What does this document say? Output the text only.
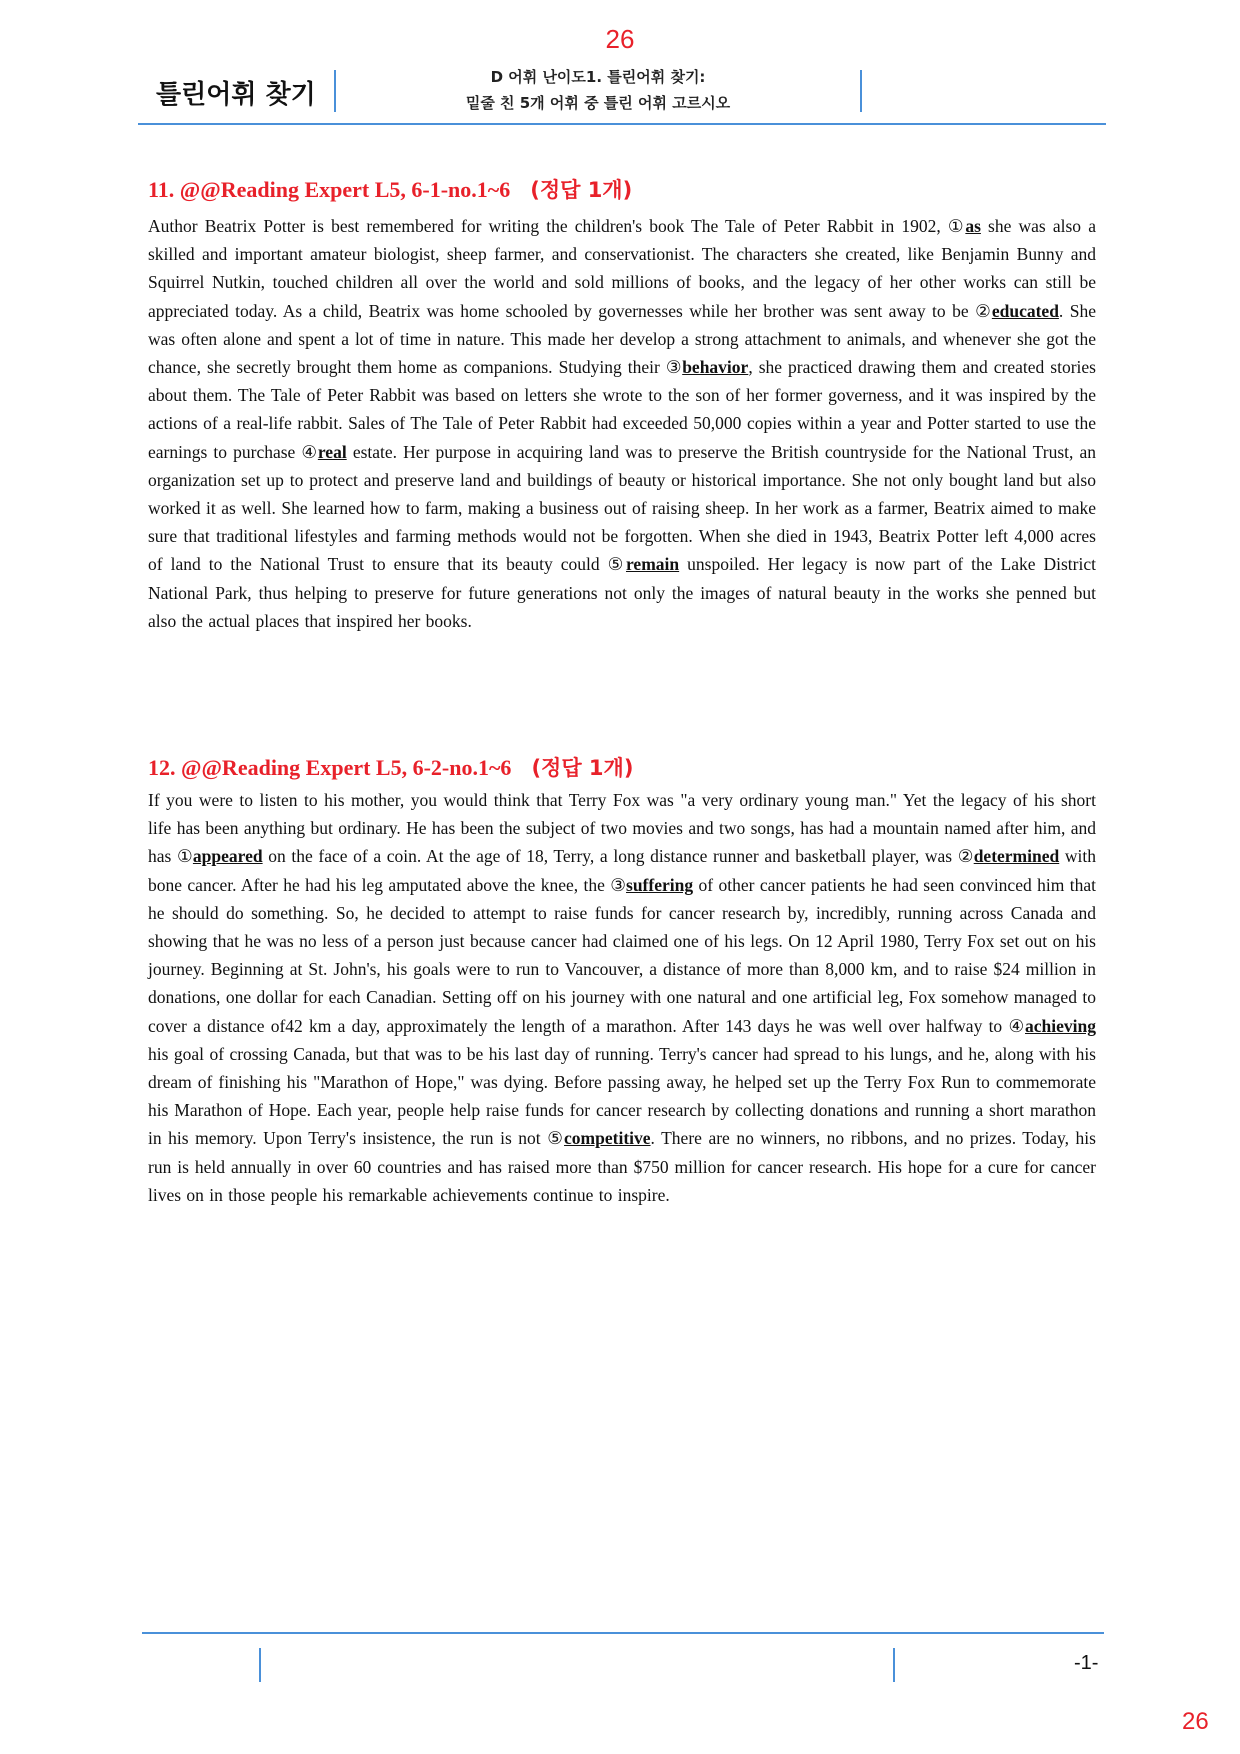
26
틀린어휘 찾기
D 어휘 난이도1. 틀린어휘 찾기:
밑줄 친 5개 어휘 중 틀린 어휘 고르시오
11. @@Reading Expert L5, 6-1-no.1~6 (정답 1개)
Author Beatrix Potter is best remembered for writing the children's book The Tale of Peter Rabbit in 1902, ①as she was also a skilled and important amateur biologist, sheep farmer, and conservationist. The characters she created, like Benjamin Bunny and Squirrel Nutkin, touched children all over the world and sold millions of books, and the legacy of her other works can still be appreciated today. As a child, Beatrix was home schooled by governesses while her brother was sent away to be ②educated. She was often alone and spent a lot of time in nature. This made her develop a strong attachment to animals, and whenever she got the chance, she secretly brought them home as companions. Studying their ③behavior, she practiced drawing them and created stories about them. The Tale of Peter Rabbit was based on letters she wrote to the son of her former governess, and it was inspired by the actions of a real-life rabbit. Sales of The Tale of Peter Rabbit had exceeded 50,000 copies within a year and Potter started to use the earnings to purchase ④real estate. Her purpose in acquiring land was to preserve the British countryside for the National Trust, an organization set up to protect and preserve land and buildings of beauty or historical importance. She not only bought land but also worked it as well. She learned how to farm, making a business out of raising sheep. In her work as a farmer, Beatrix aimed to make sure that traditional lifestyles and farming methods would not be forgotten. When she died in 1943, Beatrix Potter left 4,000 acres of land to the National Trust to ensure that its beauty could ⑤remain unspoiled. Her legacy is now part of the Lake District National Park, thus helping to preserve for future generations not only the images of natural beauty in the works she penned but also the actual places that inspired her books.
12. @@Reading Expert L5, 6-2-no.1~6 (정답 1개)
If you were to listen to his mother, you would think that Terry Fox was "a very ordinary young man." Yet the legacy of his short life has been anything but ordinary. He has been the subject of two movies and two songs, has had a mountain named after him, and has ①appeared on the face of a coin. At the age of 18, Terry, a long distance runner and basketball player, was ②determined with bone cancer. After he had his leg amputated above the knee, the ③suffering of other cancer patients he had seen convinced him that he should do something. So, he decided to attempt to raise funds for cancer research by, incredibly, running across Canada and showing that he was no less of a person just because cancer had claimed one of his legs. On 12 April 1980, Terry Fox set out on his journey. Beginning at St. John's, his goals were to run to Vancouver, a distance of more than 8,000 km, and to raise $24 million in donations, one dollar for each Canadian. Setting off on his journey with one natural and one artificial leg, Fox somehow managed to cover a distance of42 km a day, approximately the length of a marathon. After 143 days he was well over halfway to ④achieving his goal of crossing Canada, but that was to be his last day of running. Terry's cancer had spread to his lungs, and he, along with his dream of finishing his "Marathon of Hope," was dying. Before passing away, he helped set up the Terry Fox Run to commemorate his Marathon of Hope. Each year, people help raise funds for cancer research by collecting donations and running a short marathon in his memory. Upon Terry's insistence, the run is not ⑤competitive. There are no winners, no ribbons, and no prizes. Today, his run is held annually in over 60 countries and has raised more than $750 million for cancer research. His hope for a cure for cancer lives on in those people his remarkable achievements continue to inspire.
-1-
26
